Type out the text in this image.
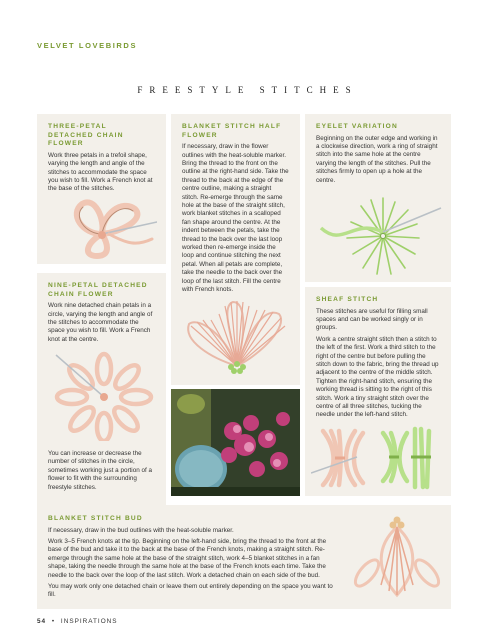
VELVET LOVEBIRDS
FREESTYLE STITCHES
THREE-PETAL DETACHED CHAIN FLOWER
Work three petals in a trefoil shape, varying the length and angle of the stitches to accommodate the space you wish to fill. Work a French knot at the base of the stitches.
BLANKET STITCH HALF FLOWER
If necessary, draw in the flower outlines with the heat-soluble marker. Bring the thread to the front on the outline at the right-hand side. Take the thread to the back at the edge of the centre outline, making a straight stitch. Re-emerge through the same hole at the base of the straight stitch, work blanket stitches in a scalloped fan shape around the centre. At the indent between the petals, take the thread to the back over the last loop worked then re-emerge inside the loop and continue stitching the next petal. When all petals are complete, take the needle to the back over the loop of the last stitch. Fill the centre with French knots.
EYELET VARIATION
Beginning on the outer edge and working in a clockwise direction, work a ring of straight stitch into the same hole at the centre varying the length of the stitches. Pull the stitches firmly to open up a hole at the centre.
NINE-PETAL DETACHED CHAIN FLOWER
Work nine detached chain petals in a circle, varying the length and angle of the stitches to accommodate the space you wish to fill. Work a French knot at the centre.
You can increase or decrease the number of stitches in the circle, sometimes working just a portion of a flower to fit with the surrounding freestyle stitches.
SHEAF STITCH

These stitches are useful for filling small spaces and can be worked singly or in groups.

Work a centre straight stitch then a stitch to the left of the first. Work a third stitch to the right of the centre but before pulling the stitch down to the fabric, bring the thread up adjacent to the centre of the middle stitch. Tighten the right-hand stitch, ensuring the working thread is sitting to the right of this stitch. Work a tiny straight stitch over the centre of all three stitches, tucking the needle under the left-hand stitch.

BLANKET STITCH BUD

If necessary, draw in the bud outlines with the heat-soluble marker.

Work 3–5 French knots at the tip. Beginning on the left-hand side, bring the thread to the front at the base of the bud and take it to the back at the base of the French knots, making a straight stitch. Re-emerge through the same hole at the base of the straight stitch, work 4–5 blanket stitches in a fan shape, taking the needle through the same hole at the base of the French knots each time. Take the needle to the back over the loop of the last stitch. Work a detached chain on each side of the bud.

You may work only one detached chain or leave them out entirely depending on the space you want to fill.

54 • INSPIRATIONS
